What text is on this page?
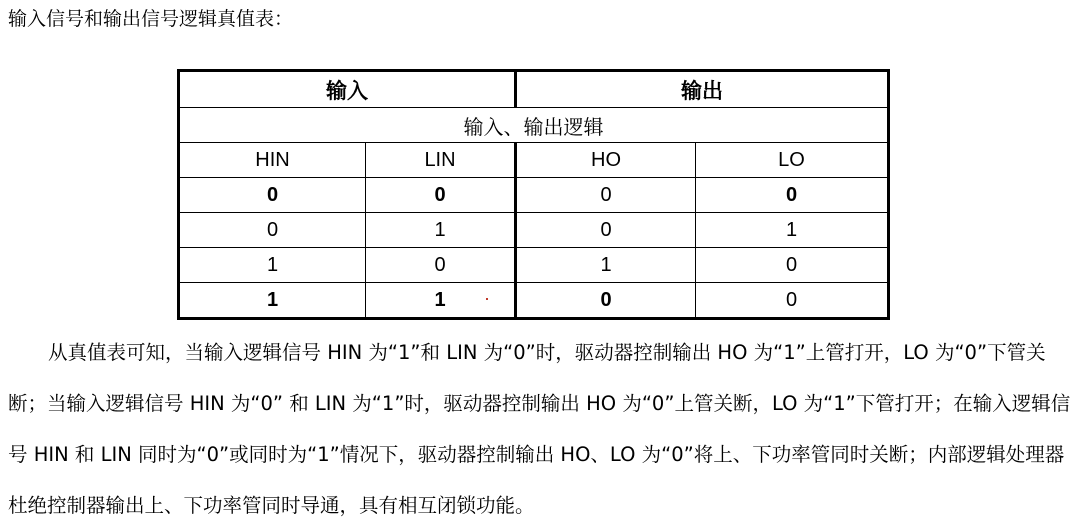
输入信号和输出信号逻辑真值表：
输入		输出	
输入、输出逻辑			
HIN	LIN	HO	LO
0	0	0	0
0	1	0	1
1	0	1	0
1	1	0	0

从真值表可知，当输入逻辑信号 HIN 为“1”和 LIN 为“0”时，驱动器控制输出 HO 为“1”上管打开，LO 为“0”下管关断；当输入逻辑信号 HIN 为“0” 和 LIN 为“1”时，驱动器控制输出 HO 为“0”上管关断，LO 为“1”下管打开；在输入逻辑信号 HIN 和 LIN 同时为“0”或同时为“1”情况下，驱动器控制输出 HO、LO 为“0”将上、下功率管同时关断；内部逻辑处理器杜绝控制器输出上、下功率管同时导通，具有相互闭锁功能。
